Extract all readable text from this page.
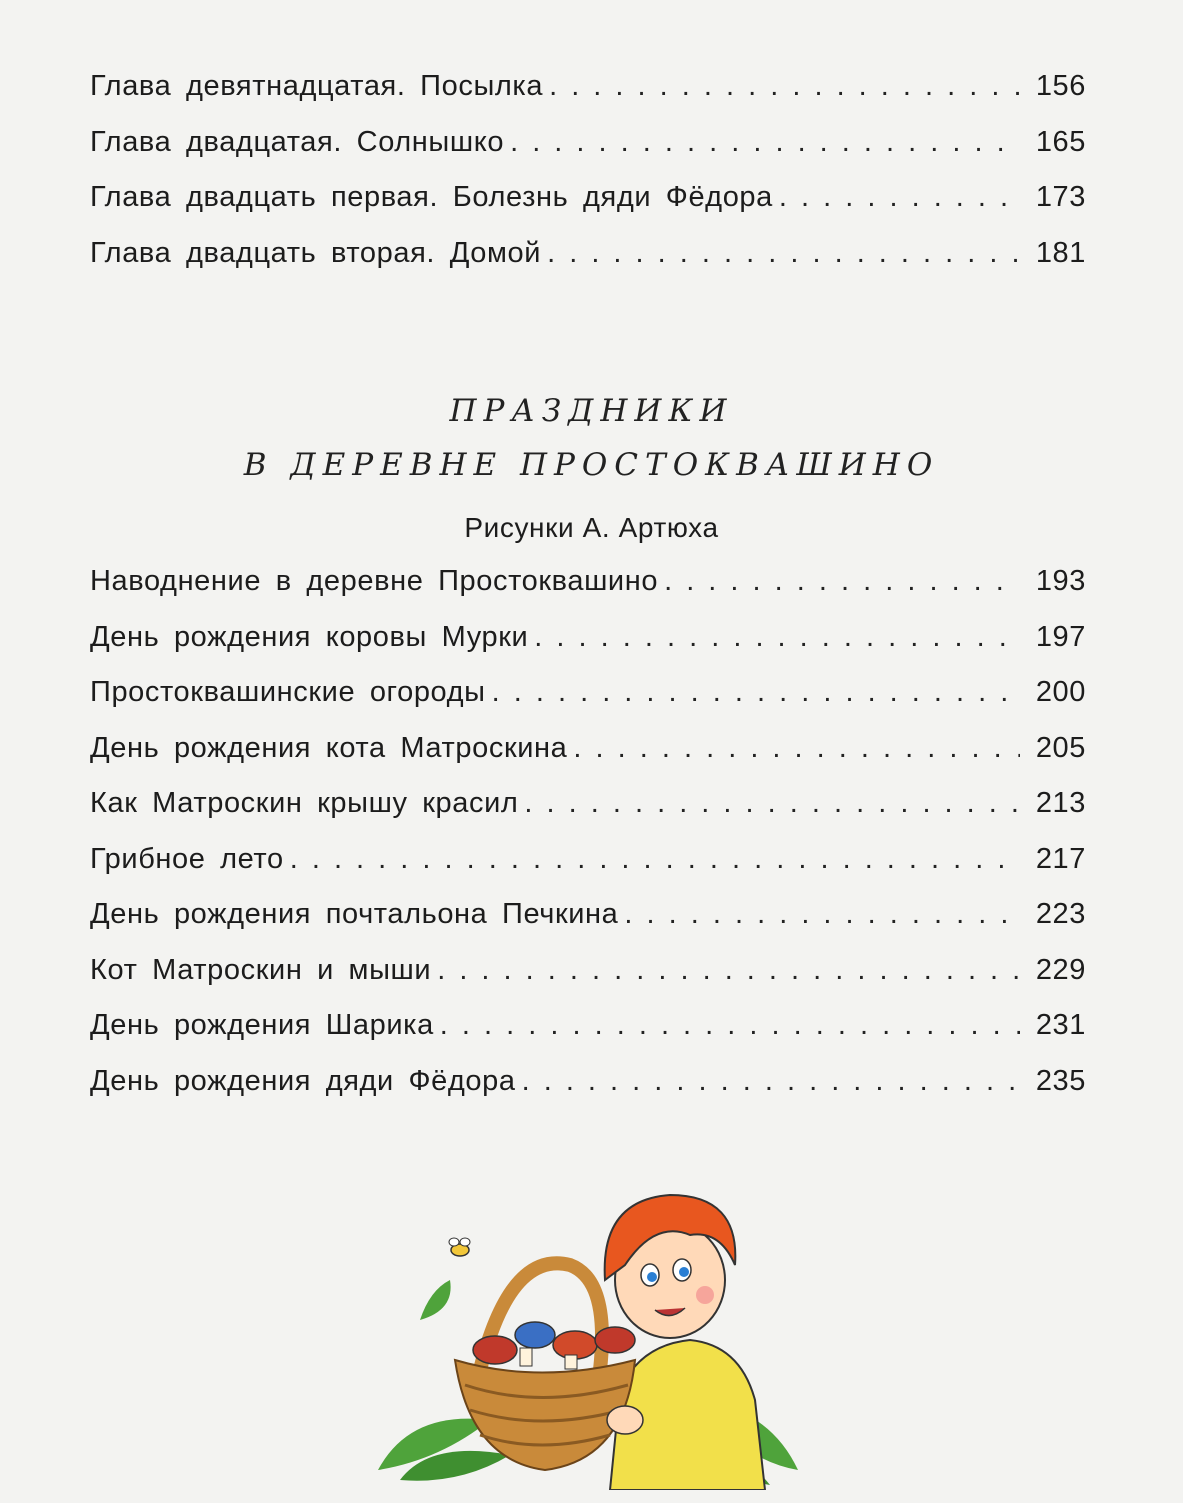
Глава девятнадцатая. Посылка . . .	156
Глава двадцатая. Солнышко . . .	165
Глава двадцать первая. Болезнь дяди Фёдора . . .	173
Глава двадцать вторая. Домой . . .	181
ПРАЗДНИКИ
В ДЕРЕВНЕ ПРОСТОКВАШИНО
Рисунки А. Артюха
Наводнение в деревне Простоквашино . . .	193
День рождения коровы Мурки . . .	197
Простоквашинские огороды . . .	200
День рождения кота Матроскина . . .	205
Как Матроскин крышу красил . . .	213
Грибное лето . . .	217
День рождения почтальона Печкина . . .	223
Кот Матроскин и мыши . . .	229
День рождения Шарика . . .	231
День рождения дяди Фёдора . . .	235
